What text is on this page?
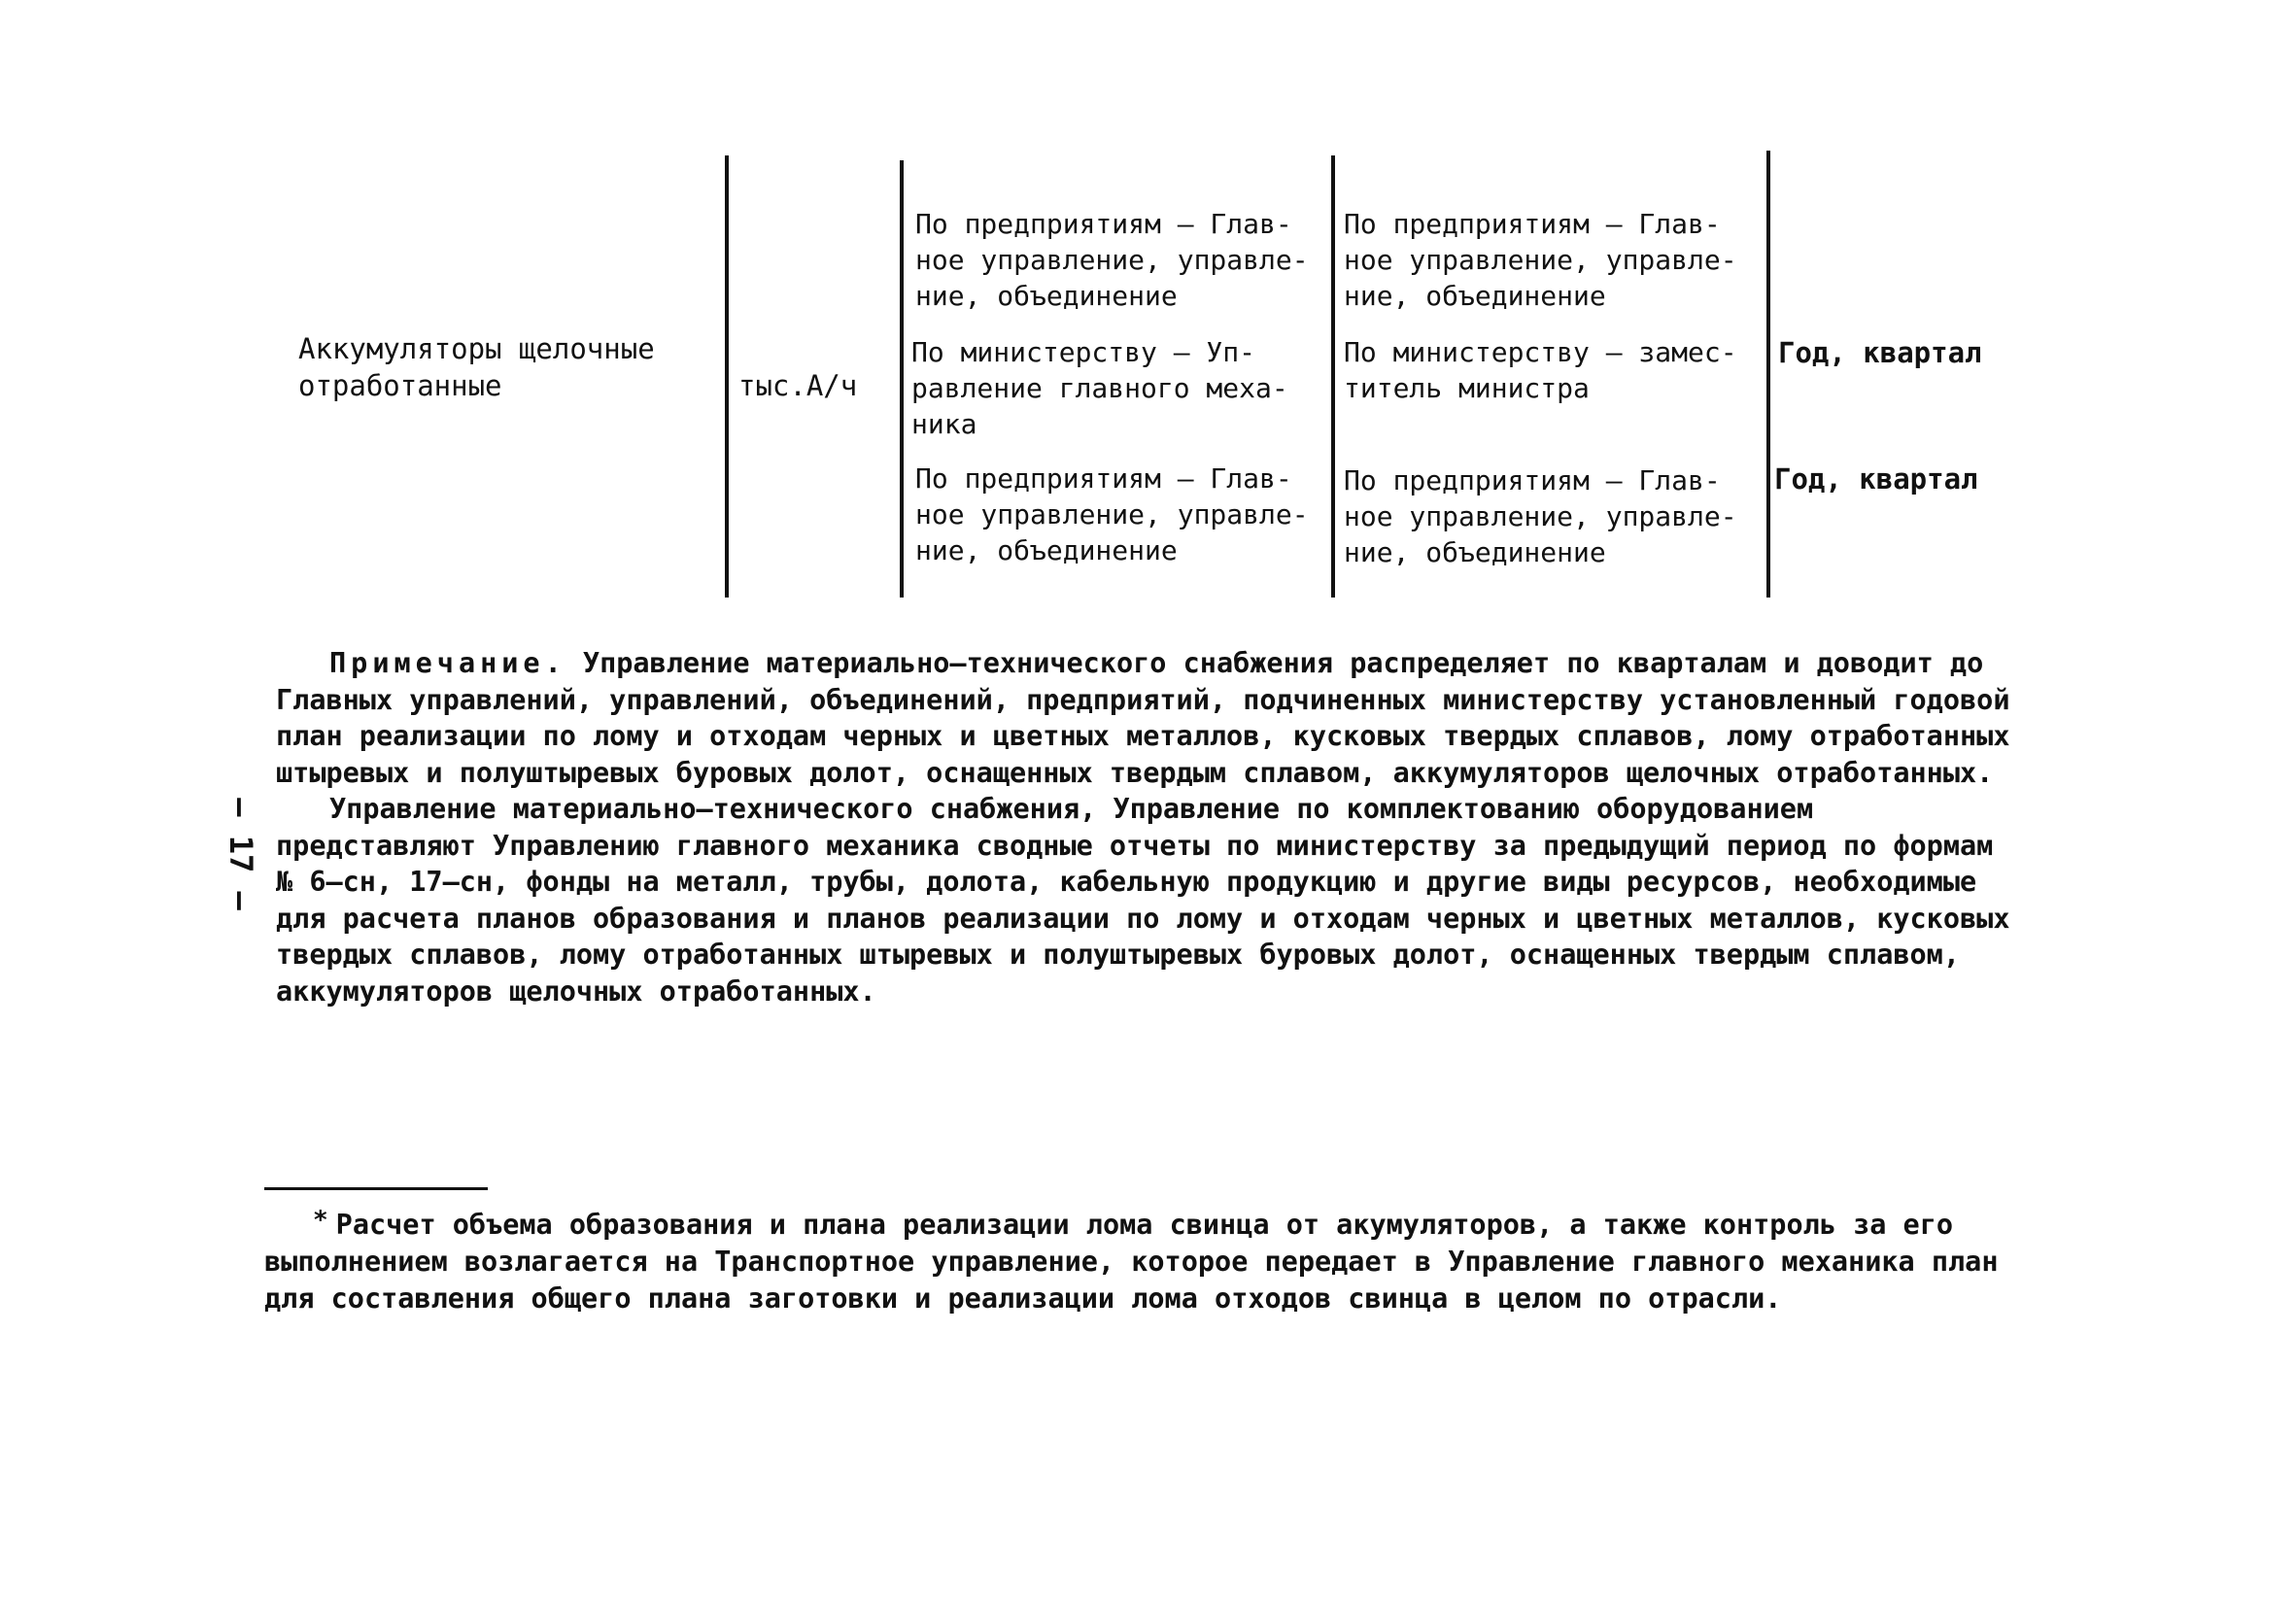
Аккумуляторы щелочные
отработанные	тыс.А/ч
По предприятиям – Глав-
ное управление, управле-
ние, объединение
По предприятиям – Глав-
ное управление, управле-
ние, объединение
По министерству – Уп-
равление главного меха-
ника
По министерству – замес-
титель министра

Год, квартал
По предприятиям – Глав-
ное управление, управле-
ние, объединение
По предприятиям – Глав-
ное управление, управле-
ние, объединение
Год, квартал
– 17 –

Примечание. Управление материально–технического снабжения распределяет по кварталам и доводит до Главных управлений, управлений, объединений, предприятий, подчиненных министерству установленный годовой план реализации по лому и отходам черных и цветных металлов, кусковых твердых сплавов, лому отработанных штыревых и полуштыревых буровых долот, оснащенных твердым сплавом, аккумуляторов щелочных отработанных.

Управление материально–технического снабжения, Управление по комплектованию оборудованием представляют Управлению главного механика сводные отчеты по министерству за предыдущий период по формам № 6–сн, 17–сн, фонды на металл, трубы, долота, кабельную продукцию и другие виды ресурсов, необходимые для расчета планов образования и планов реализации по лому и отходам черных и цветных металлов, кусковых твердых сплавов, лому отработанных штыревых и полуштыревых буровых долот, оснащенных твердым сплавом, аккумуляторов щелочных отработанных.

* Расчет объема образования и плана реализации лома свинца от акумуляторов, а также контроль за его выполнением возлагается на Транспортное управление, которое передает в Управление главного механика план для составления общего плана заготовки и реализации лома отходов свинца в целом по отрасли.
